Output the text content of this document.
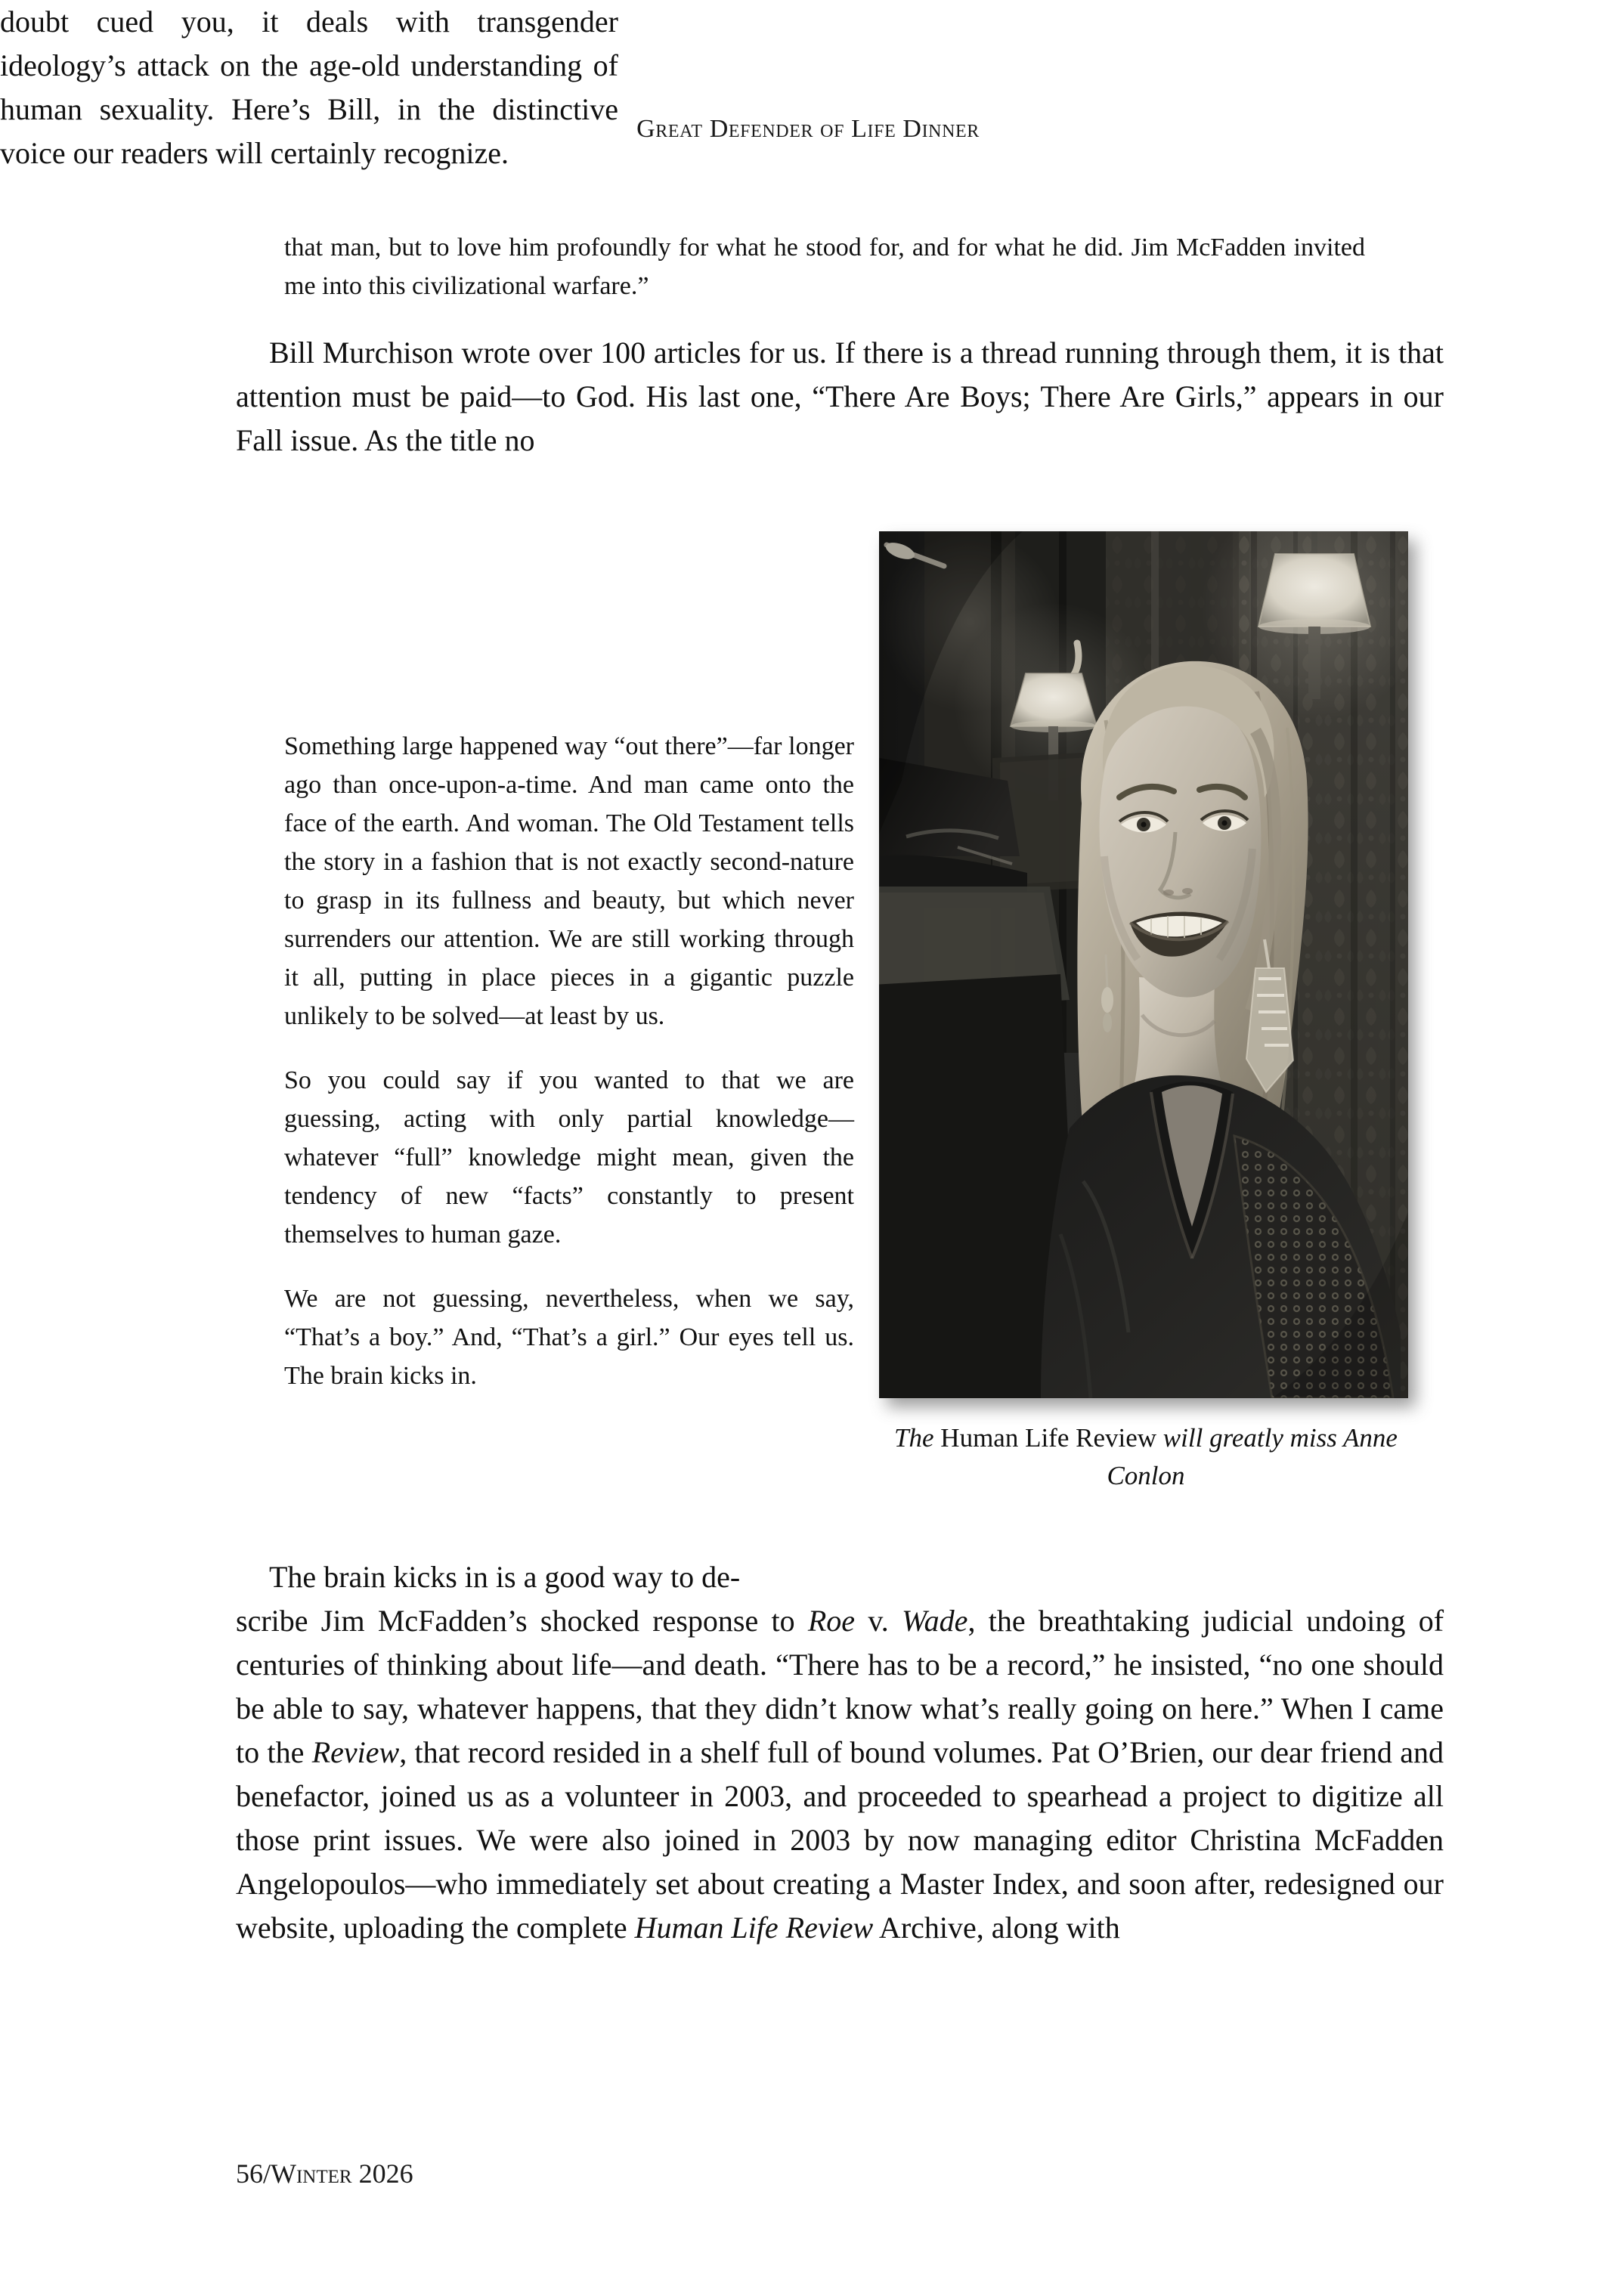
Great Defender of Life Dinner

that man, but to love him profoundly for what he stood for, and for what he did. Jim McFadden invited me into this civilizational warfare.”

Bill Murchison wrote over 100 articles for us. If there is a thread running through them, it is that attention must be paid—to God. His last one, “There Are Boys; There Are Girls,” appears in our Fall issue. As the title no

doubt cued you, it deals with transgender ideology’s attack on the age-old understanding of human sexuality. Here’s Bill, in the distinctive voice our readers will certainly recognize.

Something large happened way “out there”—far longer ago than once-upon-a-time. And man came onto the face of the earth. And woman. The Old Testament tells the story in a fashion that is not exactly second-nature to grasp in its fullness and beauty, but which never surrenders our attention. We are still working through it all, putting in place pieces in a gigantic puzzle unlikely to be solved—at least by us.

So you could say if you wanted to that we are guessing, acting with only partial knowledge—whatever “full” knowledge might mean, given the tendency of new “facts” constantly to present themselves to human gaze.

We are not guessing, nevertheless, when we say, “That’s a boy.” And, “That’s a girl.” Our eyes tell us. The brain kicks in.

The Human Life Review will greatly miss Anne Conlon

The brain kicks in is a good way to de-

scribe Jim McFadden’s shocked response to Roe v. Wade, the breathtaking judicial undoing of centuries of thinking about life—and death. “There has to be a record,” he insisted, “no one should be able to say, whatever happens, that they didn’t know what’s really going on here.” When I came to the Review, that record resided in a shelf full of bound volumes. Pat O’Brien, our dear friend and benefactor, joined us as a volunteer in 2003, and proceeded to spearhead a project to digitize all those print issues. We were also joined in 2003 by now managing editor Christina McFadden Angelopoulos—who immediately set about creating a Master Index, and soon after, redesigned our website, uploading the complete Human Life Review Archive, along with

56/Winter 2026
